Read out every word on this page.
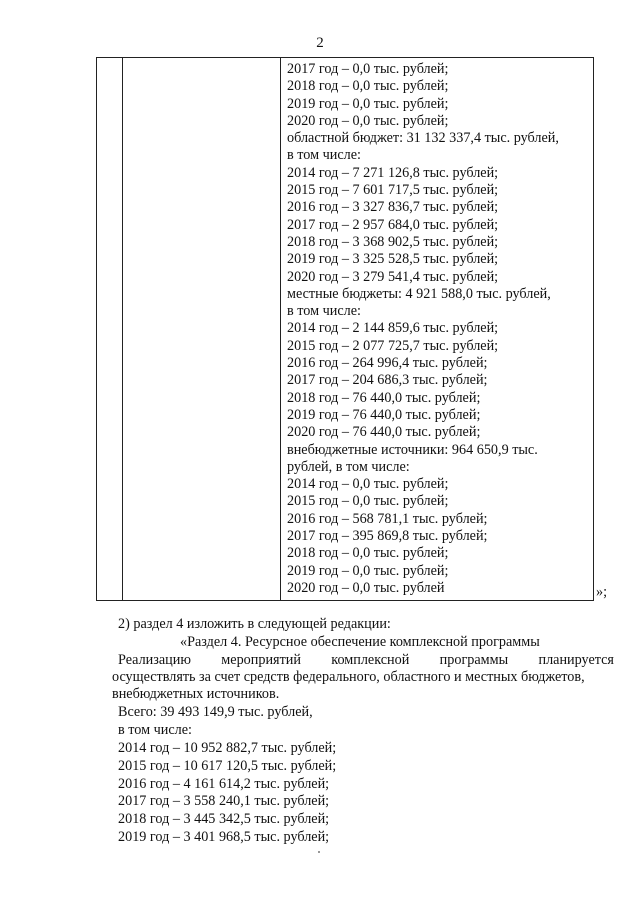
2
2017 год – 0,0 тыс. рублей;
2018 год – 0,0 тыс. рублей;
2019 год – 0,0 тыс. рублей;
2020 год – 0,0 тыс. рублей;
областной бюджет: 31 132 337,4 тыс. рублей,
в том числе:
2014 год – 7 271 126,8 тыс. рублей;
2015 год – 7 601 717,5 тыс. рублей;
2016 год – 3 327 836,7 тыс. рублей;
2017 год – 2 957 684,0 тыс. рублей;
2018 год – 3 368 902,5 тыс. рублей;
2019 год – 3 325 528,5 тыс. рублей;
2020 год – 3 279 541,4 тыс. рублей;
местные бюджеты: 4 921 588,0 тыс. рублей,
в том числе:
2014 год – 2 144 859,6 тыс. рублей;
2015 год – 2 077 725,7 тыс. рублей;
2016 год – 264 996,4 тыс. рублей;
2017 год – 204 686,3 тыс. рублей;
2018 год – 76 440,0 тыс. рублей;
2019 год – 76 440,0 тыс. рублей;
2020 год – 76 440,0 тыс. рублей;
внебюджетные источники: 964 650,9 тыс.
рублей, в том числе:
2014 год – 0,0 тыс. рублей;
2015 год – 0,0 тыс. рублей;
2016 год – 568 781,1 тыс. рублей;
2017 год – 395 869,8 тыс. рублей;
2018 год – 0,0 тыс. рублей;
2019 год – 0,0 тыс. рублей;
2020 год – 0,0 тыс. рублей	»;
2) раздел 4 изложить в следующей редакции:
«Раздел 4. Ресурсное обеспечение комплексной программы
Реализацию мероприятий комплексной программы планируется
осуществлять за счет средств федерального, областного и местных бюджетов,
внебюджетных источников.
Всего: 39 493 149,9 тыс. рублей,
в том числе:
2014 год – 10 952 882,7 тыс. рублей;
2015 год – 10 617 120,5 тыс. рублей;
2016 год – 4 161 614,2 тыс. рублей;
2017 год – 3 558 240,1 тыс. рублей;
2018 год – 3 445 342,5 тыс. рублей;
2019 год – 3 401 968,5 тыс. рублей;
